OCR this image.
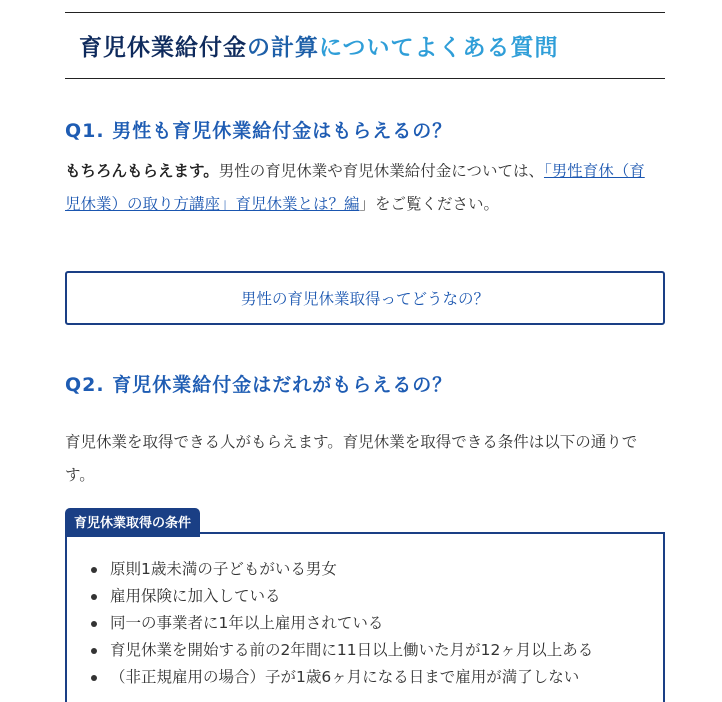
育児休業給付金の計算についてよくある質問
Q1. 男性も育児休業給付金はもらえるの？

もちろんもらえます。男性の育児休業や育児休業給付金については、「男性育休（育児休業）の取り方講座」育児休業とは？編」をご覧ください。

男性の育児休業取得ってどうなの？
Q2. 育児休業給付金はだれがもらえるの？

育児休業を取得できる人がもらえます。育児休業を取得できる条件は以下の通りです。

育児休業取得の条件
原則1歳未満の子どもがいる男女
雇用保険に加入している
同一の事業者に1年以上雇用されている
育児休業を開始する前の2年間に11日以上働いた月が12ヶ月以上ある
（非正規雇用の場合）子が1歳6ヶ月になる日まで雇用が満了しない
